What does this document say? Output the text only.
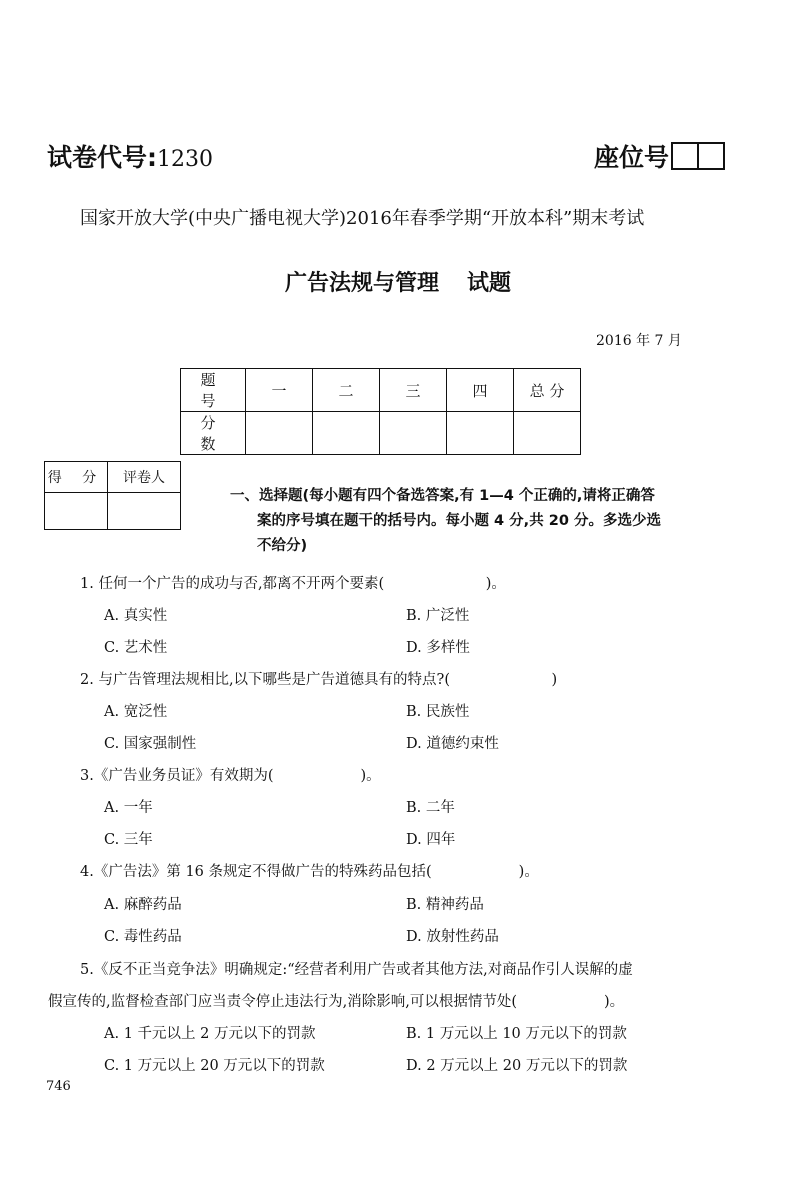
试卷代号:1230	座位号
国家开放大学(中央广播电视大学)2016年春季学期“开放本科”期末考试
广告法规与管理 试题
2016 年 7 月
题 号	一	二	三	四	总 分
分 数					
得 分	评卷人

一、选择题(每小题有四个备选答案,有 1—4 个正确的,请将正确答
案的序号填在题干的括号内。每小题 4 分,共 20 分。多选少选
不给分)
1. 任何一个广告的成功与否,都离不开两个要素(　　　　　　　)。
A. 真实性	B. 广泛性
C. 艺术性	D. 多样性
2. 与广告管理法规相比,以下哪些是广告道德具有的特点?(　　　　　　　)
A. 宽泛性	B. 民族性
C. 国家强制性	D. 道德约束性
3.《广告业务员证》有效期为(　　　　　　)。
A. 一年	B. 二年
C. 三年	D. 四年
4.《广告法》第 16 条规定不得做广告的特殊药品包括(　　　　　　)。
A. 麻醉药品	B. 精神药品
C. 毒性药品	D. 放射性药品
5.《反不正当竞争法》明确规定:“经营者利用广告或者其他方法,对商品作引人误解的虚
假宣传的,监督检查部门应当责令停止违法行为,消除影响,可以根据情节处(　　　　　　)。
A. 1 千元以上 2 万元以下的罚款	B. 1 万元以上 10 万元以下的罚款
C. 1 万元以上 20 万元以下的罚款	D. 2 万元以上 20 万元以下的罚款
746
